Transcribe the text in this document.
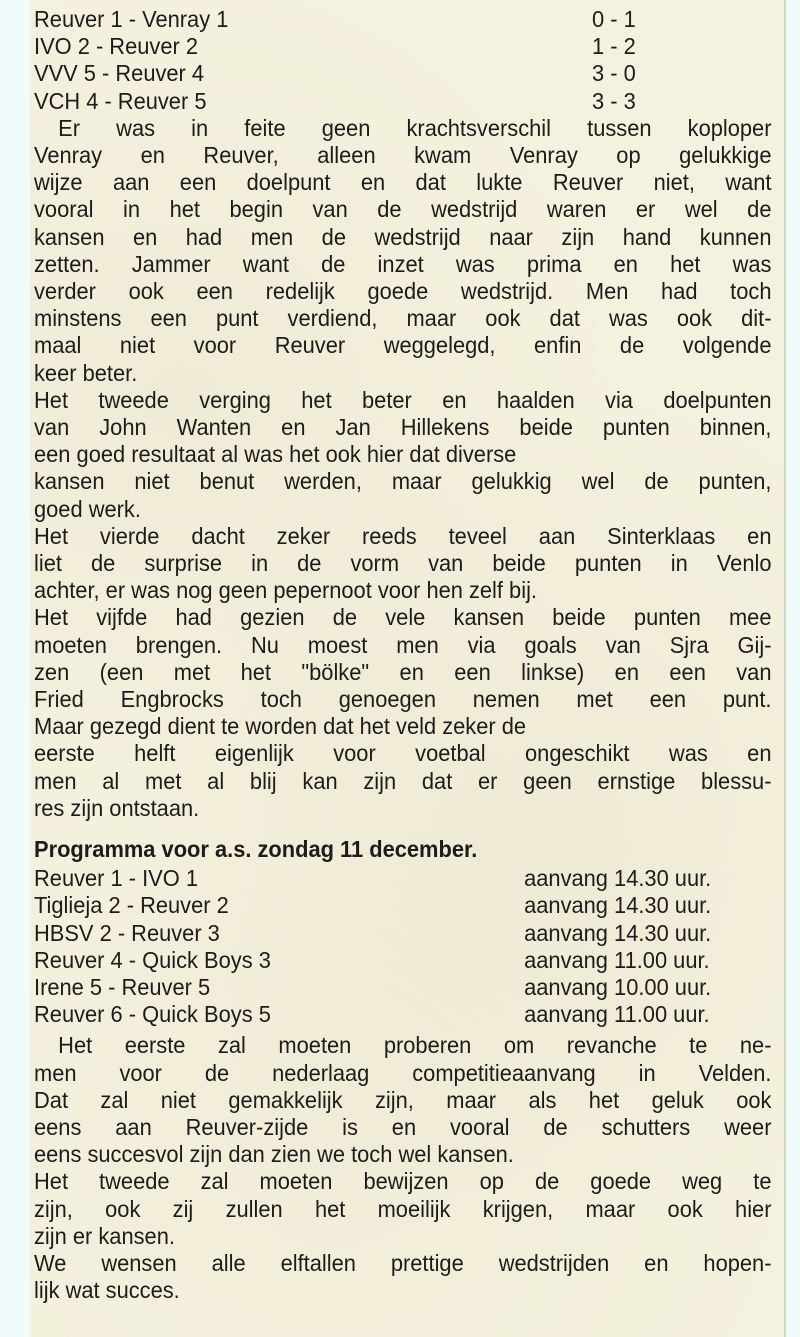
Reuver 1 - Venray 1	0 - 1
IVO 2 - Reuver 2	1 - 2
VVV 5 - Reuver 4	3 - 0
VCH 4 - Reuver 5	3 - 3
Er was in feite geen krachtsverschil tussen koploper
Venray en Reuver, alleen kwam Venray op gelukkige
wijze aan een doelpunt en dat lukte Reuver niet, want
vooral in het begin van de wedstrijd waren er wel de
kansen en had men de wedstrijd naar zijn hand kunnen
zetten. Jammer want de inzet was prima en het was
verder ook een redelijk goede wedstrijd. Men had toch
minstens een punt verdiend, maar ook dat was ook dit-
maal niet voor Reuver weggelegd, enfin de volgende
keer beter.
Het tweede verging het beter en haalden via doelpunten
van John Wanten en Jan Hillekens beide punten binnen,
een goed resultaat al was het ook hier dat diverse
kansen niet benut werden, maar gelukkig wel de punten,
goed werk.
Het vierde dacht zeker reeds teveel aan Sinterklaas en
liet de surprise in de vorm van beide punten in Venlo
achter, er was nog geen pepernoot voor hen zelf bij.
Het vijfde had gezien de vele kansen beide punten mee
moeten brengen. Nu moest men via goals van Sjra Gij-
zen (een met het "bölke" en een linkse) en een van
Fried Engbrocks toch genoegen nemen met een punt.
Maar gezegd dient te worden dat het veld zeker de
eerste helft eigenlijk voor voetbal ongeschikt was en
men al met al blij kan zijn dat er geen ernstige blessu-
res zijn ontstaan.
Programma voor a.s. zondag 11 december.
Reuver 1 - IVO 1	aanvang 14.30 uur.
Tiglieja 2 - Reuver 2	aanvang 14.30 uur.
HBSV 2 - Reuver 3	aanvang 14.30 uur.
Reuver 4 - Quick Boys 3	aanvang 11.00 uur.
Irene 5 - Reuver 5	aanvang 10.00 uur.
Reuver 6 - Quick Boys 5	aanvang 11.00 uur.
Het eerste zal moeten proberen om revanche te ne-
men voor de nederlaag competitieaanvang in Velden.
Dat zal niet gemakkelijk zijn, maar als het geluk ook
eens aan Reuver-zijde is en vooral de schutters weer
eens succesvol zijn dan zien we toch wel kansen.
Het tweede zal moeten bewijzen op de goede weg te
zijn, ook zij zullen het moeilijk krijgen, maar ook hier
zijn er kansen.
We wensen alle elftallen prettige wedstrijden en hopen-
lijk wat succes.
